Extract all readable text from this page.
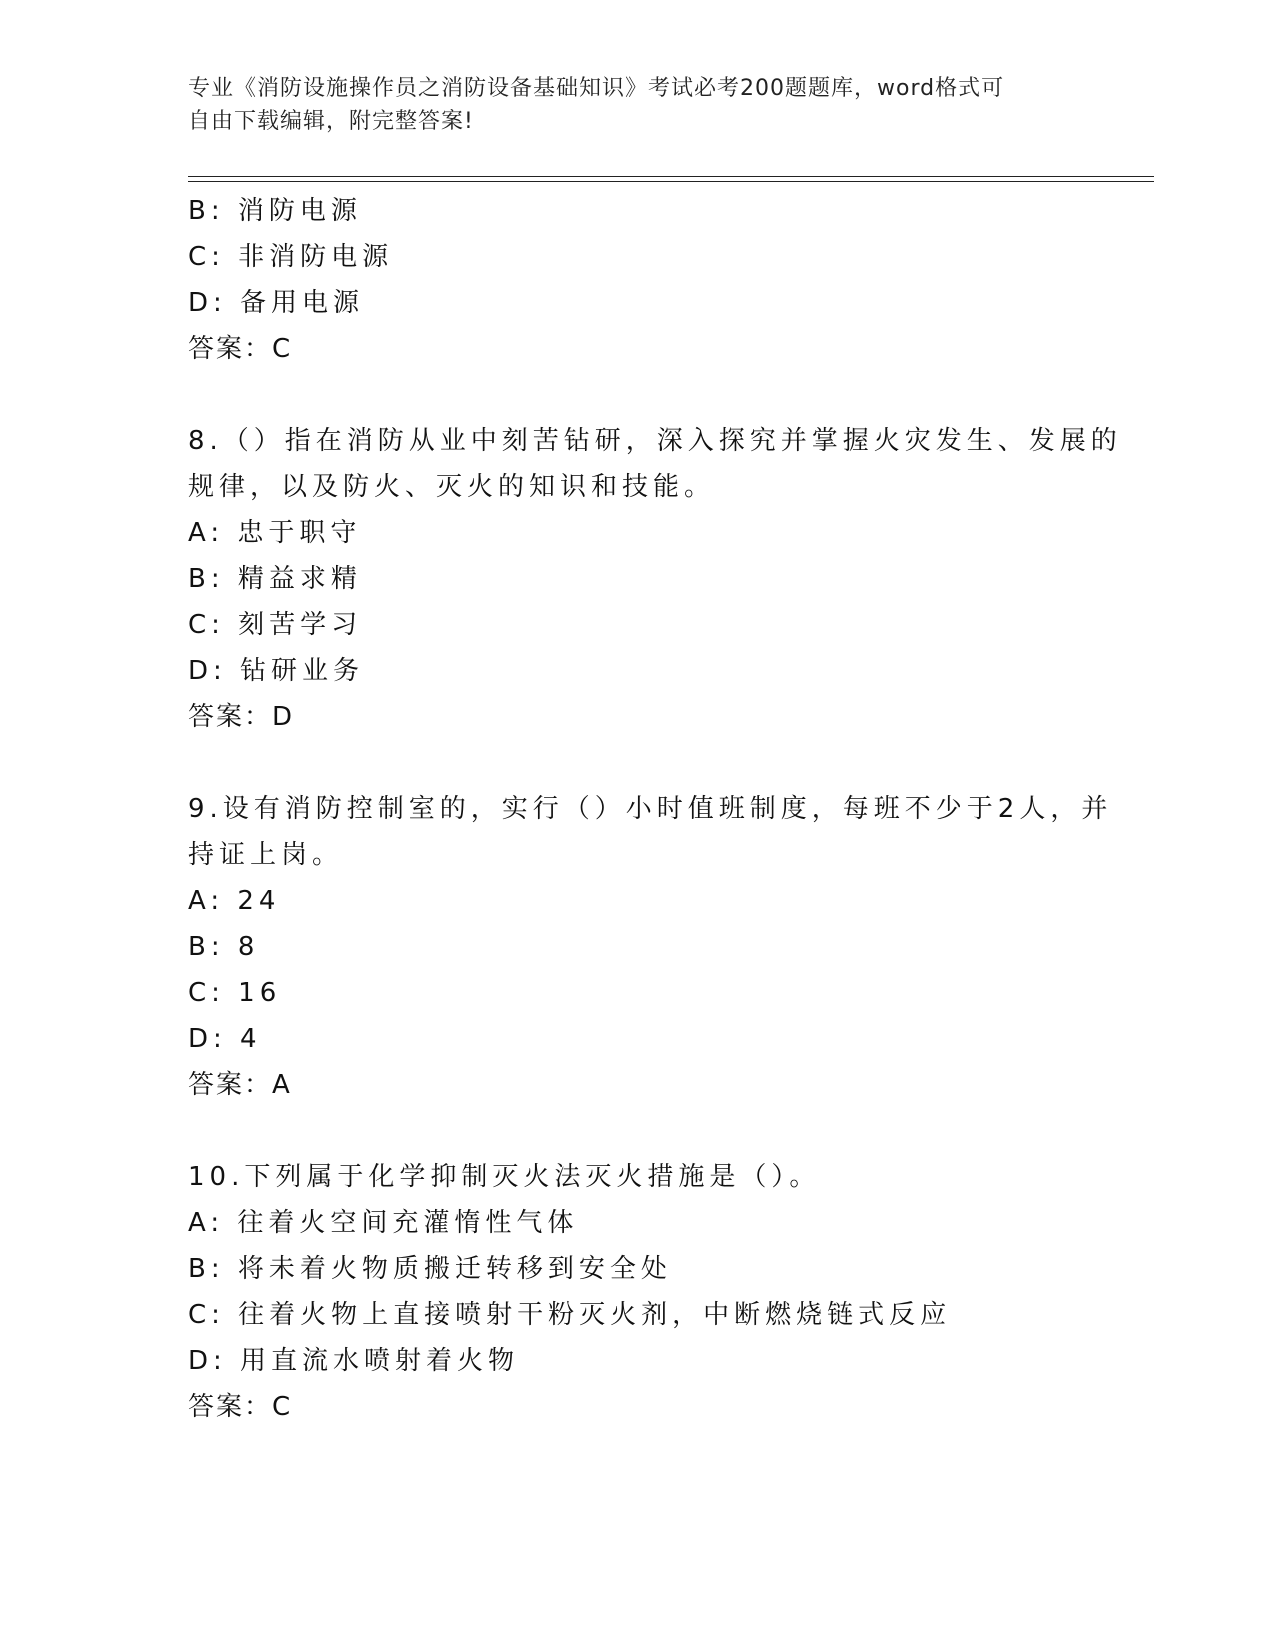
专业《消防设施操作员之消防设备基础知识》考试必考200题题库，word格式可
自由下载编辑，附完整答案!
B: 消防电源
C: 非消防电源
D: 备用电源
答案：C
8.（）指在消防从业中刻苦钻研，深入探究并掌握火灾发生、发展的
规律，以及防火、灭火的知识和技能。
A: 忠于职守
B: 精益求精
C: 刻苦学习
D: 钻研业务
答案：D
9.设有消防控制室的，实行（）小时值班制度，每班不少于2人，并
持证上岗。
A: 24
B: 8
C: 16
D: 4
答案：A
10.下列属于化学抑制灭火法灭火措施是（）。
A: 往着火空间充灌惰性气体
B: 将未着火物质搬迁转移到安全处
C: 往着火物上直接喷射干粉灭火剂，中断燃烧链式反应
D: 用直流水喷射着火物
答案：C
